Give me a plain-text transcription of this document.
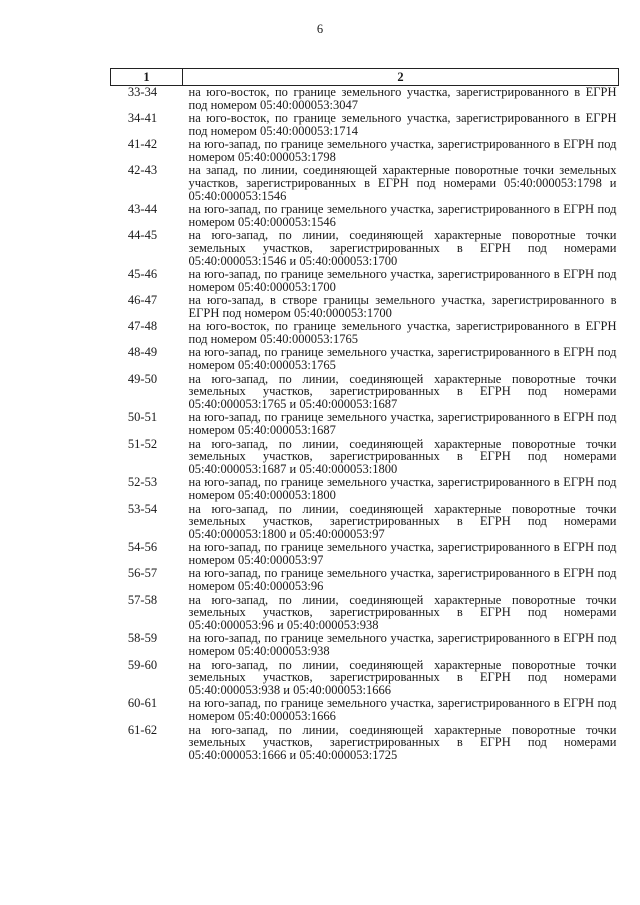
6
1	2
33-34	на юго-восток, по границе земельного участка, зарегистрированного в ЕГРН под номером 05:40:000053:3047
34-41	на юго-восток, по границе земельного участка, зарегистрированного в ЕГРН под номером 05:40:000053:1714
41-42	на юго-запад, по границе земельного участка, зарегистрированного в ЕГРН под номером 05:40:000053:1798
42-43	на запад, по линии, соединяющей характерные поворотные точки земельных участков, зарегистрированных в ЕГРН под номерами 05:40:000053:1798 и 05:40:000053:1546
43-44	на юго-запад, по границе земельного участка, зарегистрированного в ЕГРН под номером 05:40:000053:1546
44-45	на юго-запад, по линии, соединяющей характерные поворотные точки земельных участков, зарегистрированных в ЕГРН под номерами 05:40:000053:1546 и 05:40:000053:1700
45-46	на юго-запад, по границе земельного участка, зарегистрированного в ЕГРН под номером 05:40:000053:1700
46-47	на юго-запад, в створе границы земельного участка, зарегистрированного в ЕГРН под номером 05:40:000053:1700
47-48	на юго-восток, по границе земельного участка, зарегистрированного в ЕГРН под номером 05:40:000053:1765
48-49	на юго-запад, по границе земельного участка, зарегистрированного в ЕГРН под номером 05:40:000053:1765
49-50	на юго-запад, по линии, соединяющей характерные поворотные точки земельных участков, зарегистрированных в ЕГРН под номерами 05:40:000053:1765 и 05:40:000053:1687
50-51	на юго-запад, по границе земельного участка, зарегистрированного в ЕГРН под номером 05:40:000053:1687
51-52	на юго-запад, по линии, соединяющей характерные поворотные точки земельных участков, зарегистрированных в ЕГРН под номерами 05:40:000053:1687 и 05:40:000053:1800
52-53	на юго-запад, по границе земельного участка, зарегистрированного в ЕГРН под номером 05:40:000053:1800
53-54	на юго-запад, по линии, соединяющей характерные поворотные точки земельных участков, зарегистрированных в ЕГРН под номерами 05:40:000053:1800 и 05:40:000053:97
54-56	на юго-запад, по границе земельного участка, зарегистрированного в ЕГРН под номером 05:40:000053:97
56-57	на юго-запад, по границе земельного участка, зарегистрированного в ЕГРН под номером 05:40:000053:96
57-58	на юго-запад, по линии, соединяющей характерные поворотные точки земельных участков, зарегистрированных в ЕГРН под номерами 05:40:000053:96 и 05:40:000053:938
58-59	на юго-запад, по границе земельного участка, зарегистрированного в ЕГРН под номером 05:40:000053:938
59-60	на юго-запад, по линии, соединяющей характерные поворотные точки земельных участков, зарегистрированных в ЕГРН под номерами 05:40:000053:938 и 05:40:000053:1666
60-61	на юго-запад, по границе земельного участка, зарегистрированного в ЕГРН под номером 05:40:000053:1666
61-62	на юго-запад, по линии, соединяющей характерные поворотные точки земельных участков, зарегистрированных в ЕГРН под номерами 05:40:000053:1666 и 05:40:000053:1725
